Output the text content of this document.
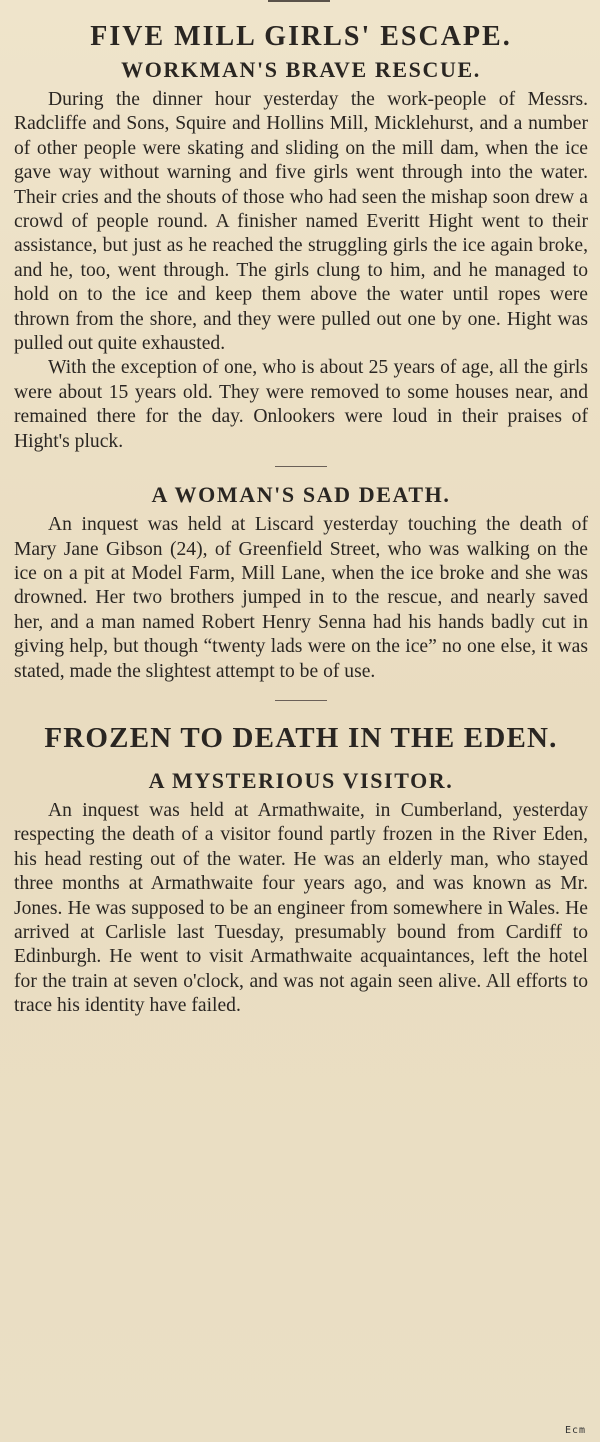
FIVE MILL GIRLS' ESCAPE.
WORKMAN'S BRAVE RESCUE.

During the dinner hour yesterday the work-people of Messrs. Radcliffe and Sons, Squire and Hollins Mill, Micklehurst, and a number of other people were skating and sliding on the mill dam, when the ice gave way without warning and five girls went through into the water. Their cries and the shouts of those who had seen the mishap soon drew a crowd of people round. A finisher named Everitt Hight went to their assistance, but just as he reached the struggling girls the ice again broke, and he, too, went through. The girls clung to him, and he managed to hold on to the ice and keep them above the water until ropes were thrown from the shore, and they were pulled out one by one. Hight was pulled out quite exhausted.

With the exception of one, who is about 25 years of age, all the girls were about 15 years old. They were removed to some houses near, and remained there for the day. Onlookers were loud in their praises of Hight's pluck.

A WOMAN'S SAD DEATH.

An inquest was held at Liscard yesterday touching the death of Mary Jane Gibson (24), of Greenfield Street, who was walking on the ice on a pit at Model Farm, Mill Lane, when the ice broke and she was drowned. Her two brothers jumped in to the rescue, and nearly saved her, and a man named Robert Henry Senna had his hands badly cut in giving help, but though “twenty lads were on the ice” no one else, it was stated, made the slightest attempt to be of use.

FROZEN TO DEATH IN THE EDEN.
A MYSTERIOUS VISITOR.

An inquest was held at Armathwaite, in Cumberland, yesterday respecting the death of a visitor found partly frozen in the River Eden, his head resting out of the water. He was an elderly man, who stayed three months at Armathwaite four years ago, and was known as Mr. Jones. He was supposed to be an engineer from somewhere in Wales. He arrived at Carlisle last Tuesday, presumably bound from Cardiff to Edinburgh. He went to visit Armathwaite acquaintances, left the hotel for the train at seven o'clock, and was not again seen alive. All efforts to trace his identity have failed.

Ecm
